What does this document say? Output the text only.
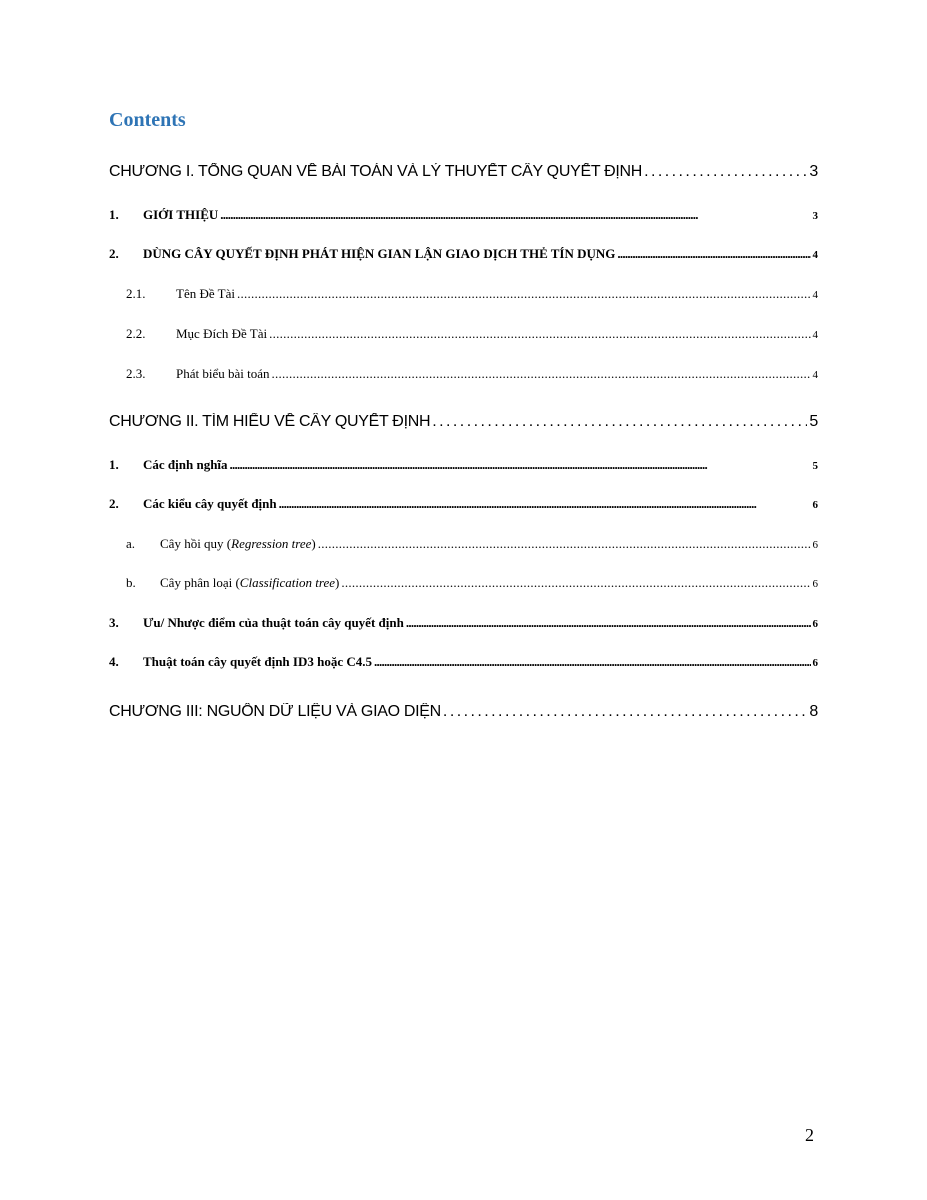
Contents
CHƯƠNG I. TỔNG QUAN VỀ BÀI TOÁN VÀ LÝ THUYẾT CÂY QUYẾT ĐỊNH . . .	3
1.	GIỚI THIỆU . . .	3
2.	DÙNG CÂY QUYẾT ĐỊNH PHÁT HIỆN GIAN LẬN GIAO DỊCH THẺ TÍN DỤNG . . .	4
2.1.	Tên Đề Tài . . .	4
2.2.	Mục Đích Đề Tài . . .	4
2.3.	Phát biểu bài toán . . .	4
CHƯƠNG II. TÌM HIỂU VỀ CÂY QUYẾT ĐỊNH . . .	5
1.	Các định nghĩa . . .	5
2.	Các kiểu cây quyết định . . .	6
a.	Cây hồi quy (Regression tree) . . .	6
b.	Cây phân loại (Classification tree) . . .	6
3.	Ưu/ Nhược điểm của thuật toán cây quyết định . . .	6
4.	Thuật toán cây quyết định ID3 hoặc C4.5 . . .	6
CHƯƠNG III: NGUỒN DỮ LIỆU VÀ GIAO DIỆN . . .	8
2
